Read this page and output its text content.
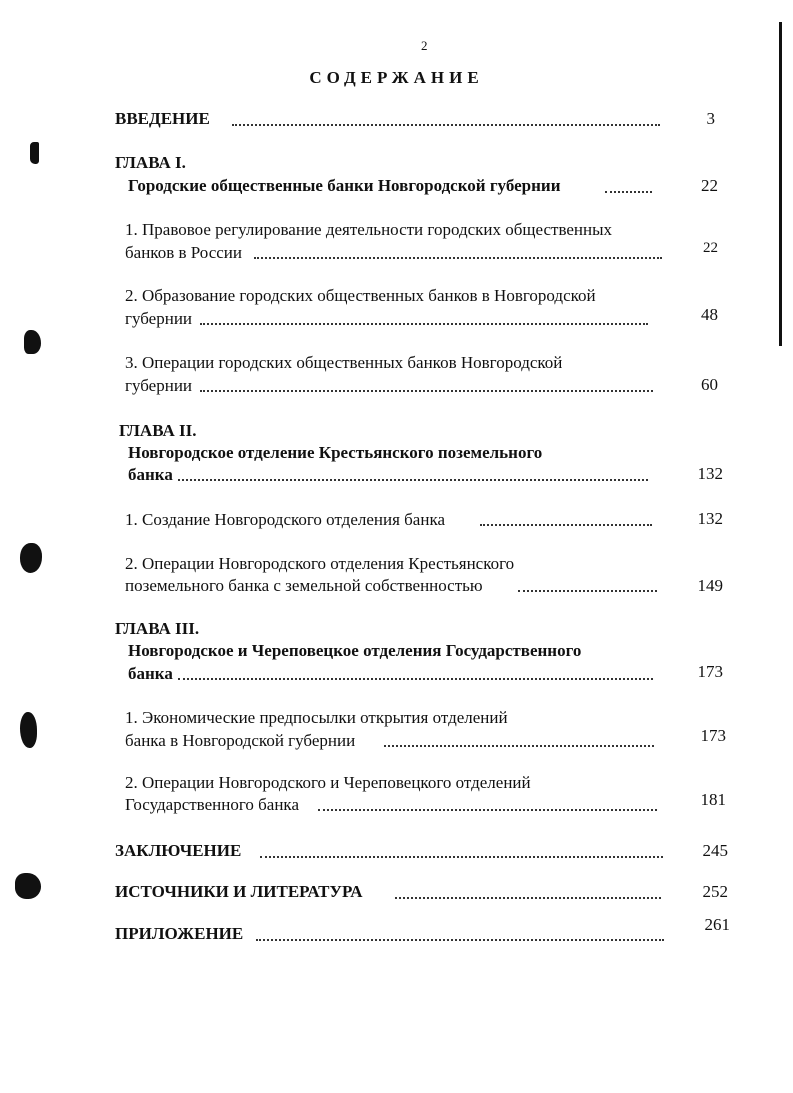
2
СОДЕРЖАНИЕ
ВВЕДЕНИЕ	3
ГЛАВА I.
Городские общественные банки Новгородской губернии	22
1. Правовое регулирование деятельности городских общественных
банков в России	22
2. Образование городских общественных банков в Новгородской
губернии	48
3. Операции городских общественных банков Новгородской
губернии	60
ГЛАВА II.
Новгородское отделение Крестьянского поземельного
банка	132
1. Создание Новгородского отделения банка	132
2. Операции Новгородского отделения Крестьянского
поземельного банка с земельной собственностью	149
ГЛАВА III.
Новгородское и Череповецкое отделения Государственного
банка	173
1. Экономические предпосылки открытия отделений
банка в Новгородской губернии	173
2. Операции Новгородского и Череповецкого отделений
Государственного банка	181
ЗАКЛЮЧЕНИЕ	245
ИСТОЧНИКИ И ЛИТЕРАТУРА	252
ПРИЛОЖЕНИЕ	261
